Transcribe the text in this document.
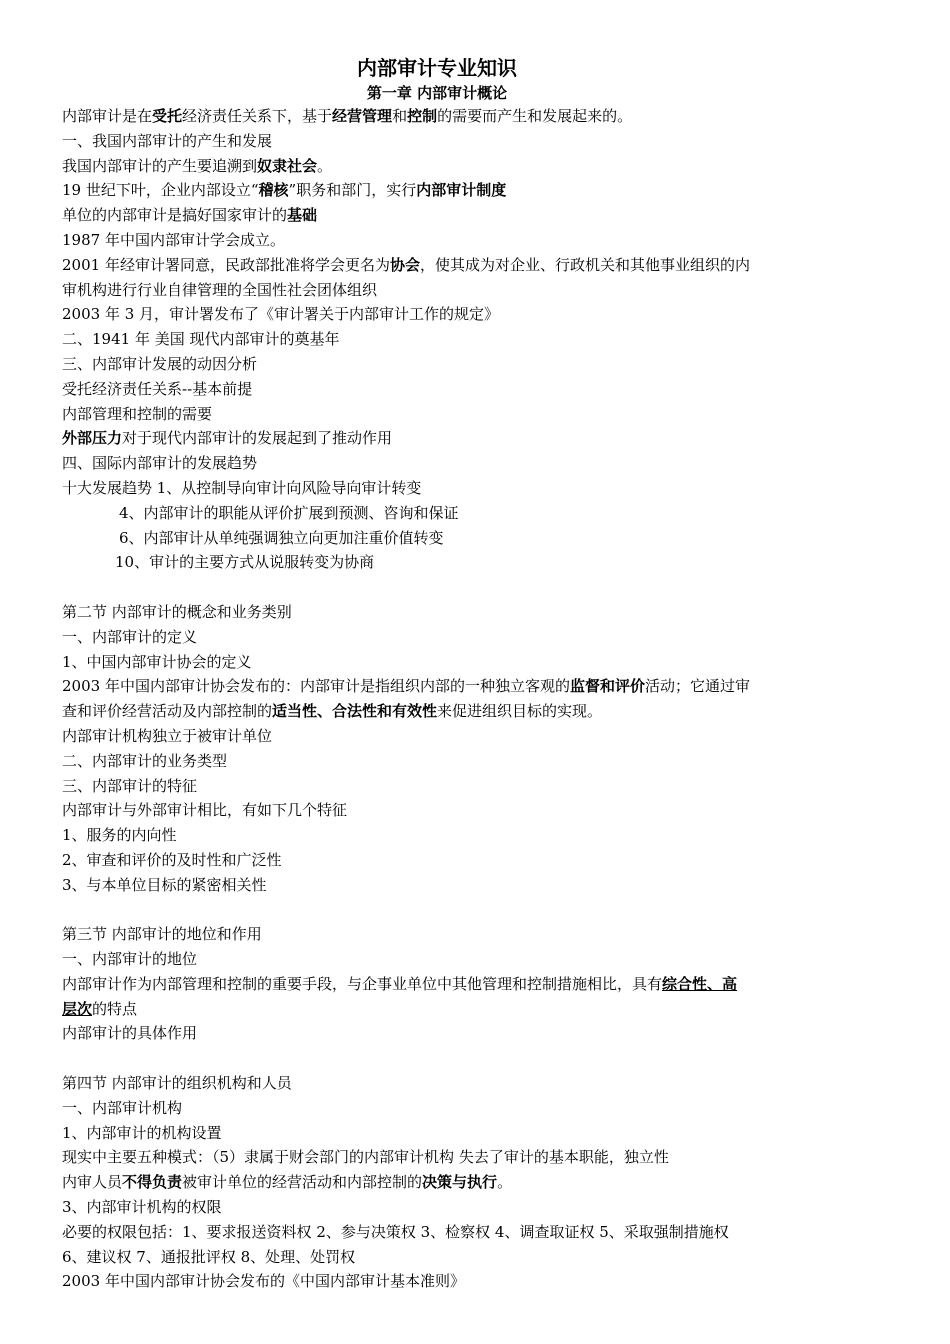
内部审计专业知识
第一章 内部审计概论
内部审计是在受托经济责任关系下，基于经营管理和控制的需要而产生和发展起来的。
一、我国内部审计的产生和发展
我国内部审计的产生要追溯到奴隶社会。
19 世纪下叶，企业内部设立“稽核”职务和部门，实行内部审计制度
单位的内部审计是搞好国家审计的基础
1987 年中国内部审计学会成立。
2001 年经审计署同意，民政部批准将学会更名为协会，使其成为对企业、行政机关和其他事业组织的内审机构进行行业自律管理的全国性社会团体组织
2003 年 3 月，审计署发布了《审计署关于内部审计工作的规定》
二、1941 年 美国 现代内部审计的奠基年
三、内部审计发展的动因分析
受托经济责任关系--基本前提
内部管理和控制的需要
外部压力对于现代内部审计的发展起到了推动作用
四、国际内部审计的发展趋势
十大发展趋势 1、从控制导向审计向风险导向审计转变
4、内部审计的职能从评价扩展到预测、咨询和保证
6、内部审计从单纯强调独立向更加注重价值转变
10、审计的主要方式从说服转变为协商
第二节 内部审计的概念和业务类别
一、内部审计的定义
1、中国内部审计协会的定义
2003 年中国内部审计协会发布的：内部审计是指组织内部的一种独立客观的监督和评价活动；它通过审查和评价经营活动及内部控制的适当性、合法性和有效性来促进组织目标的实现。
内部审计机构独立于被审计单位
二、内部审计的业务类型
三、内部审计的特征
内部审计与外部审计相比，有如下几个特征
1、服务的内向性
2、审查和评价的及时性和广泛性
3、与本单位目标的紧密相关性
第三节 内部审计的地位和作用
一、内部审计的地位
内部审计作为内部管理和控制的重要手段，与企事业单位中其他管理和控制措施相比，具有综合性、高层次的特点
内部审计的具体作用
第四节 内部审计的组织机构和人员
一、内部审计机构
1、内部审计的机构设置
现实中主要五种模式：（5）隶属于财会部门的内部审计机构 失去了审计的基本职能，独立性
内审人员不得负责被审计单位的经营活动和内部控制的决策与执行。
3、内部审计机构的权限
必要的权限包括：1、要求报送资料权 2、参与决策权 3、检察权 4、调查取证权 5、采取强制措施权 6、建议权 7、通报批评权 8、处理、处罚权
2003 年中国内部审计协会发布的《中国内部审计基本准则》
